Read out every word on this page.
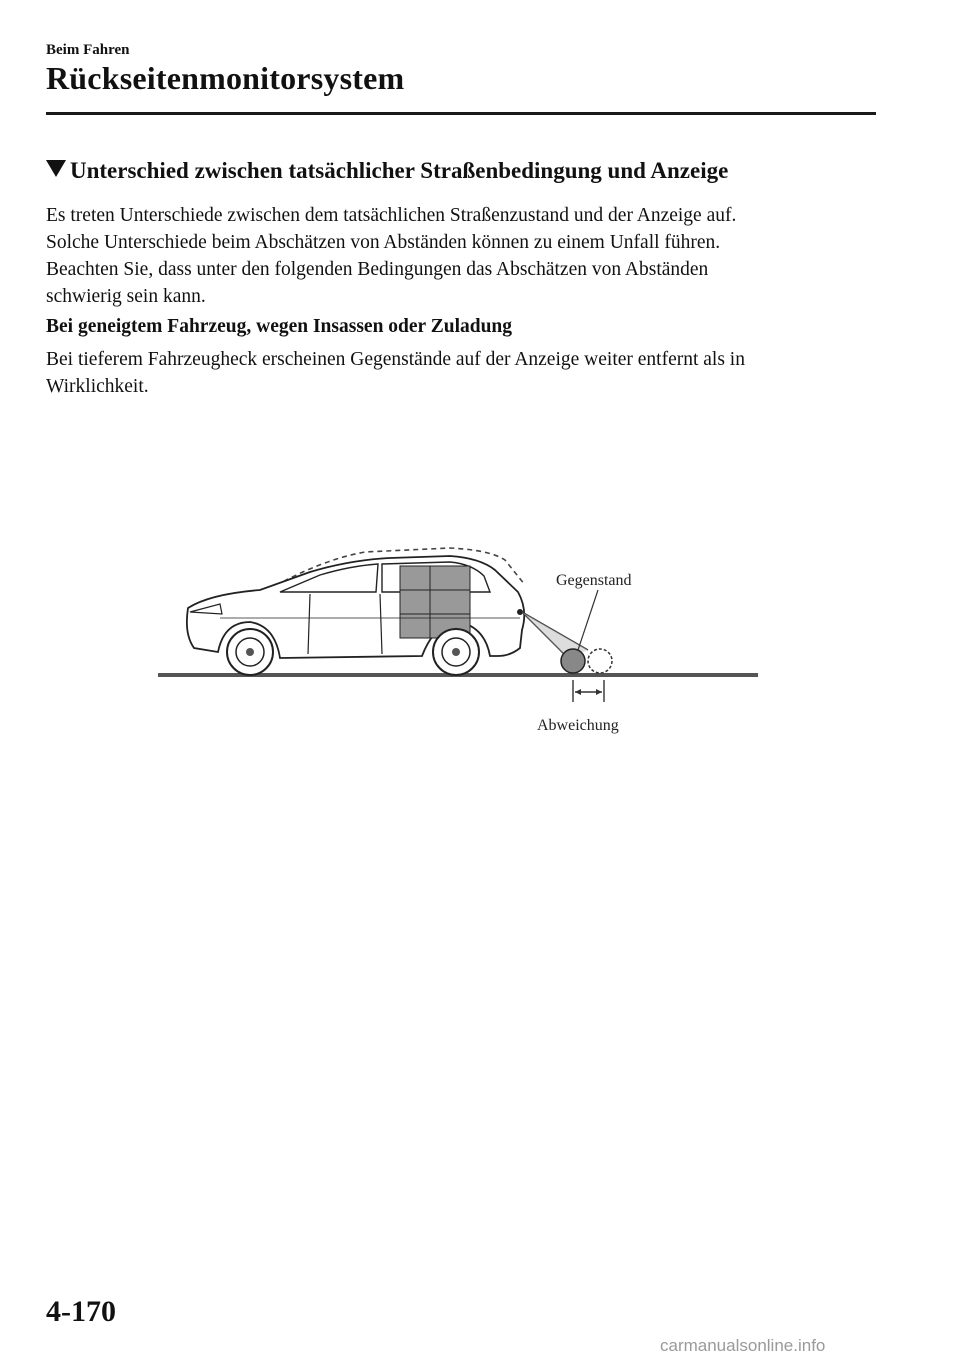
Beim Fahren
Rückseitenmonitorsystem
Unterschied zwischen tatsächlicher Straßenbedingung und Anzeige
Es treten Unterschiede zwischen dem tatsächlichen Straßenzustand und der Anzeige auf.
Solche Unterschiede beim Abschätzen von Abständen können zu einem Unfall führen.
Beachten Sie, dass unter den folgenden Bedingungen das Abschätzen von Abständen
schwierig sein kann.
Bei geneigtem Fahrzeug, wegen Insassen oder Zuladung
Bei tieferem Fahrzeugheck erscheinen Gegenstände auf der Anzeige weiter entfernt als in
Wirklichkeit.
Gegenstand
Abweichung
4-170
carmanualsonline.info
